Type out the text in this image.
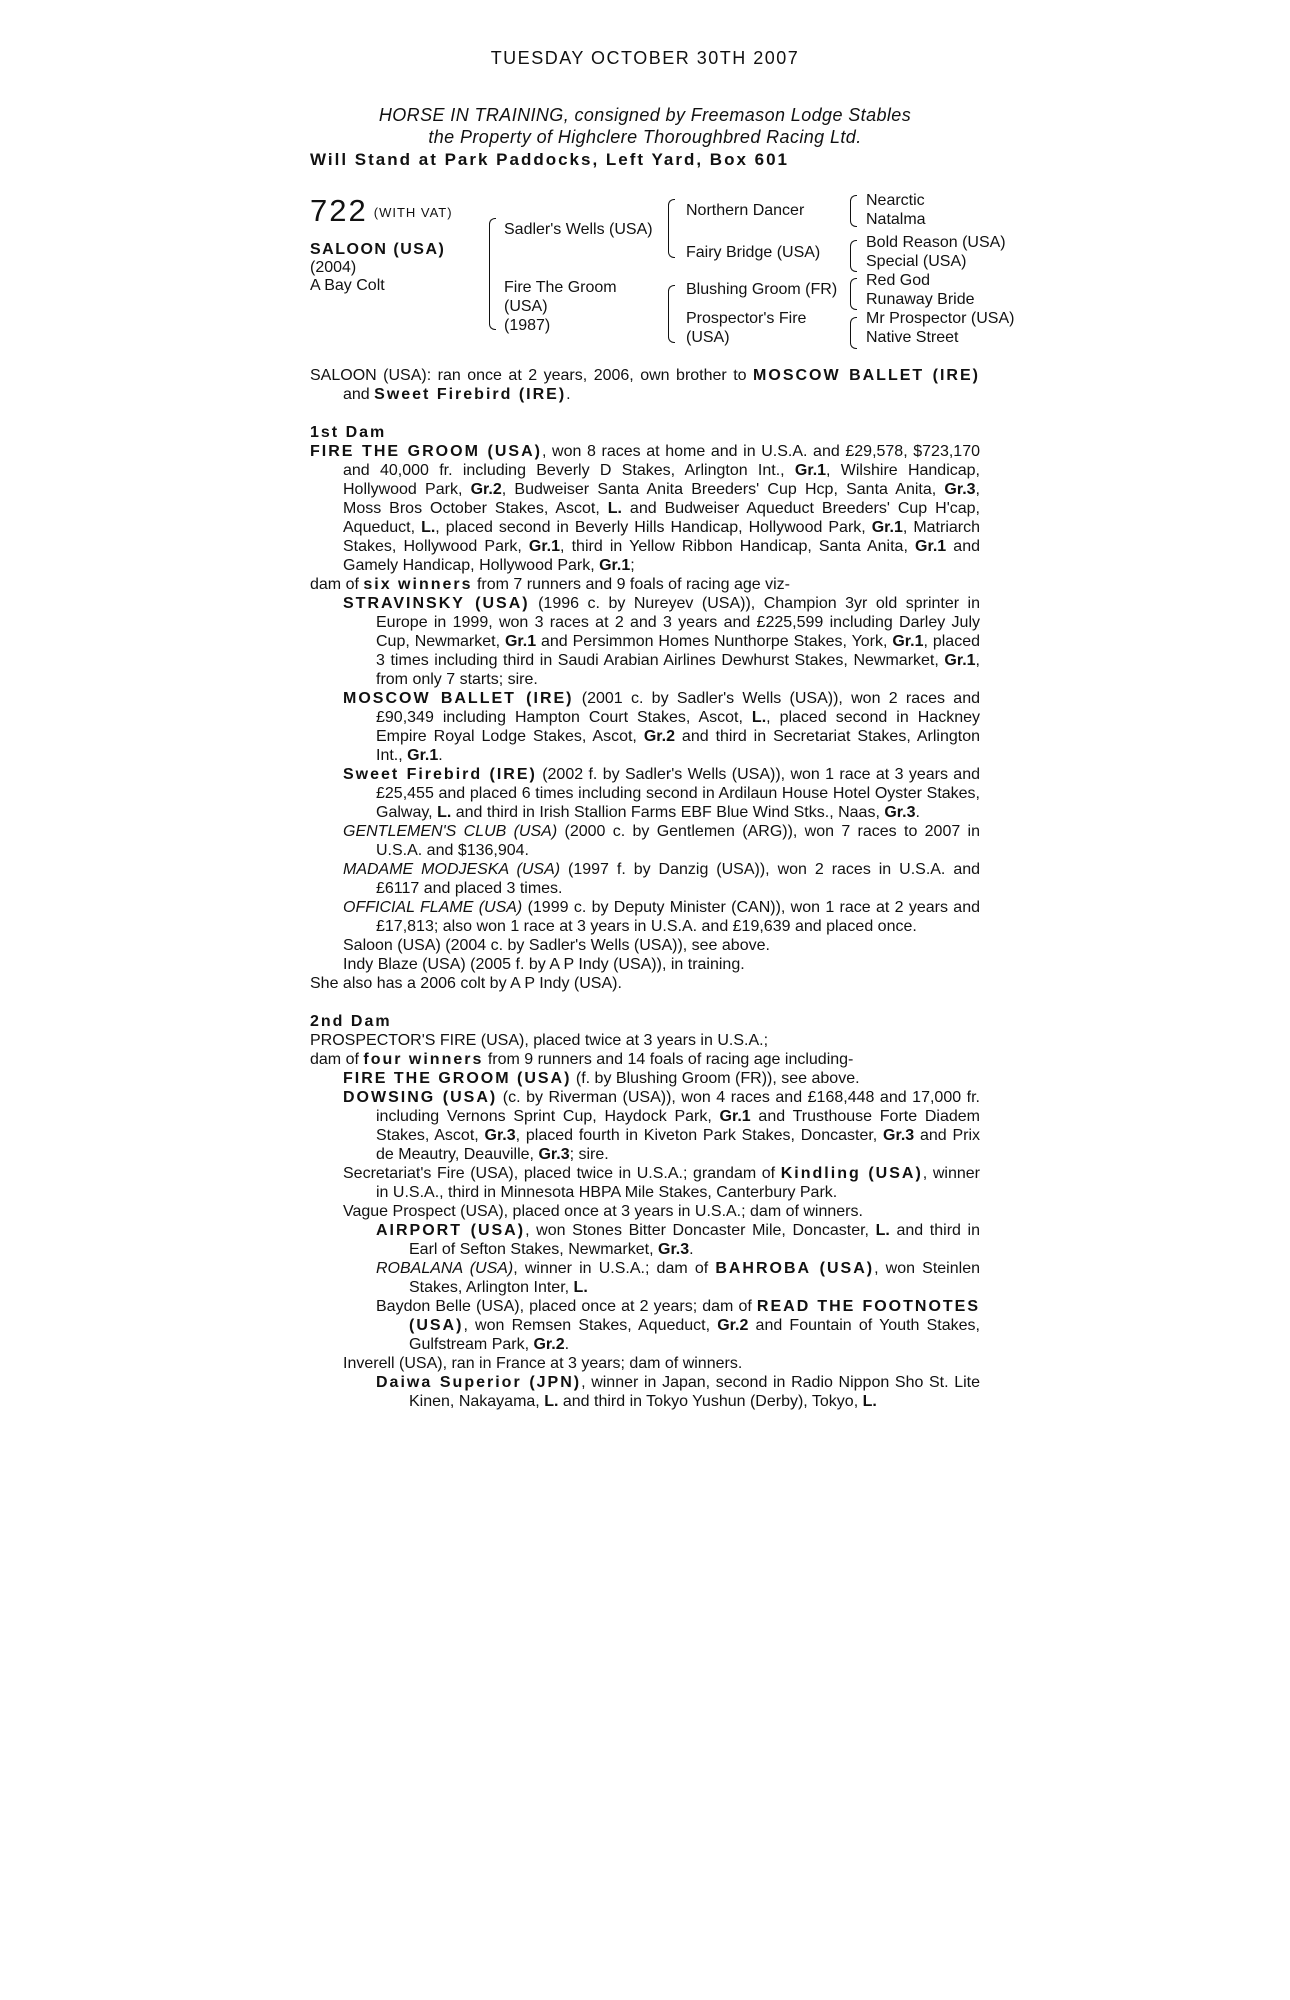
TUESDAY OCTOBER 30TH 2007
HORSE IN TRAINING, consigned by Freemason Lodge Stables
the Property of Highclere Thoroughbred Racing Ltd.
Will Stand at Park Paddocks, Left Yard, Box 601
722 (WITH VAT)
SALOON (USA)
(2004)
A Bay Colt
Sadler's Wells (USA)
Fire The Groom
(USA)
(1987)
Northern Dancer
Fairy Bridge (USA)
Blushing Groom (FR)
Prospector's Fire
(USA)
Nearctic
Natalma
Bold Reason (USA)
Special (USA)
Red God
Runaway Bride
Mr Prospector (USA)
Native Street

SALOON (USA): ran once at 2 years, 2006, own brother to MOSCOW BALLET (IRE) and Sweet Firebird (IRE).

1st Dam

FIRE THE GROOM (USA), won 8 races at home and in U.S.A. and £29,578, $723,170 and 40,000 fr. including Beverly D Stakes, Arlington Int., Gr.1, Wilshire Handicap, Hollywood Park, Gr.2, Budweiser Santa Anita Breeders' Cup Hcp, Santa Anita, Gr.3, Moss Bros October Stakes, Ascot, L. and Budweiser Aqueduct Breeders' Cup H'cap, Aqueduct, L., placed second in Beverly Hills Handicap, Hollywood Park, Gr.1, Matriarch Stakes, Hollywood Park, Gr.1, third in Yellow Ribbon Handicap, Santa Anita, Gr.1 and Gamely Handicap, Hollywood Park, Gr.1;

dam of six winners from 7 runners and 9 foals of racing age viz-

STRAVINSKY (USA) (1996 c. by Nureyev (USA)), Champion 3yr old sprinter in Europe in 1999, won 3 races at 2 and 3 years and £225,599 including Darley July Cup, Newmarket, Gr.1 and Persimmon Homes Nunthorpe Stakes, York, Gr.1, placed 3 times including third in Saudi Arabian Airlines Dewhurst Stakes, Newmarket, Gr.1, from only 7 starts; sire.

MOSCOW BALLET (IRE) (2001 c. by Sadler's Wells (USA)), won 2 races and £90,349 including Hampton Court Stakes, Ascot, L., placed second in Hackney Empire Royal Lodge Stakes, Ascot, Gr.2 and third in Secretariat Stakes, Arlington Int., Gr.1.

Sweet Firebird (IRE) (2002 f. by Sadler's Wells (USA)), won 1 race at 3 years and £25,455 and placed 6 times including second in Ardilaun House Hotel Oyster Stakes, Galway, L. and third in Irish Stallion Farms EBF Blue Wind Stks., Naas, Gr.3.

GENTLEMEN'S CLUB (USA) (2000 c. by Gentlemen (ARG)), won 7 races to 2007 in U.S.A. and $136,904.

MADAME MODJESKA (USA) (1997 f. by Danzig (USA)), won 2 races in U.S.A. and £6117 and placed 3 times.

OFFICIAL FLAME (USA) (1999 c. by Deputy Minister (CAN)), won 1 race at 2 years and £17,813; also won 1 race at 3 years in U.S.A. and £19,639 and placed once.

Saloon (USA) (2004 c. by Sadler's Wells (USA)), see above.

Indy Blaze (USA) (2005 f. by A P Indy (USA)), in training.

She also has a 2006 colt by A P Indy (USA).

2nd Dam

PROSPECTOR'S FIRE (USA), placed twice at 3 years in U.S.A.;

dam of four winners from 9 runners and 14 foals of racing age including-

FIRE THE GROOM (USA) (f. by Blushing Groom (FR)), see above.

DOWSING (USA) (c. by Riverman (USA)), won 4 races and £168,448 and 17,000 fr. including Vernons Sprint Cup, Haydock Park, Gr.1 and Trusthouse Forte Diadem Stakes, Ascot, Gr.3, placed fourth in Kiveton Park Stakes, Doncaster, Gr.3 and Prix de Meautry, Deauville, Gr.3; sire.

Secretariat's Fire (USA), placed twice in U.S.A.; grandam of Kindling (USA), winner in U.S.A., third in Minnesota HBPA Mile Stakes, Canterbury Park.

Vague Prospect (USA), placed once at 3 years in U.S.A.; dam of winners.

AIRPORT (USA), won Stones Bitter Doncaster Mile, Doncaster, L. and third in Earl of Sefton Stakes, Newmarket, Gr.3.

ROBALANA (USA), winner in U.S.A.; dam of BAHROBA (USA), won Steinlen Stakes, Arlington Inter, L.

Baydon Belle (USA), placed once at 2 years; dam of READ THE FOOTNOTES (USA), won Remsen Stakes, Aqueduct, Gr.2 and Fountain of Youth Stakes, Gulfstream Park, Gr.2.

Inverell (USA), ran in France at 3 years; dam of winners.

Daiwa Superior (JPN), winner in Japan, second in Radio Nippon Sho St. Lite Kinen, Nakayama, L. and third in Tokyo Yushun (Derby), Tokyo, L.
